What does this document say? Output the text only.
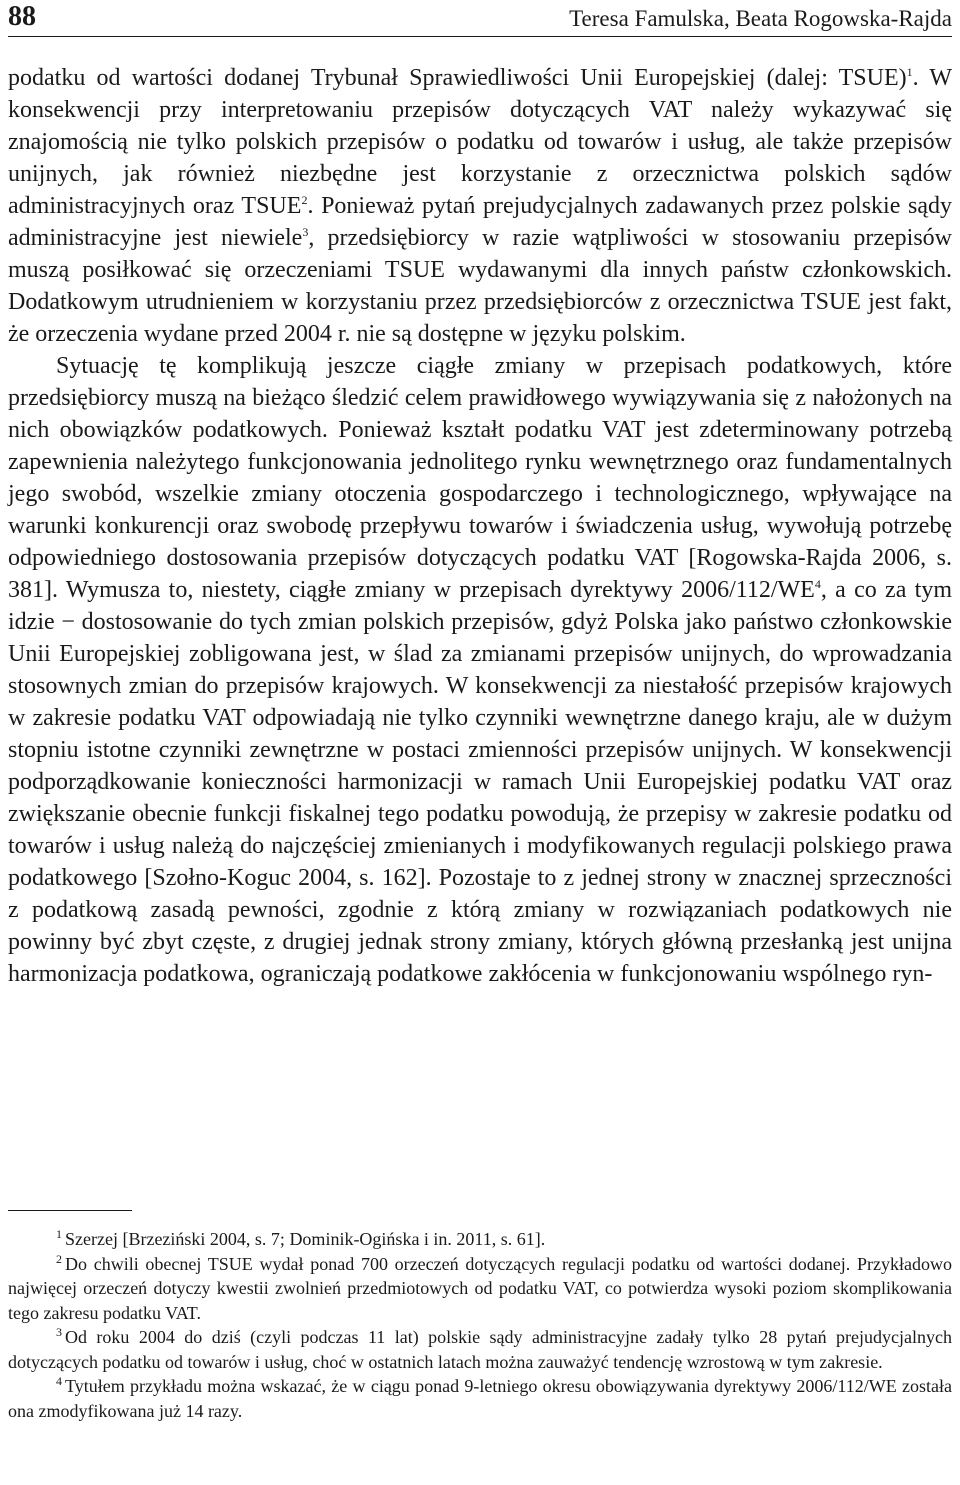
88	Teresa Famulska, Beata Rogowska-Rajda

podatku od wartości dodanej Trybunał Sprawiedliwości Unii Europejskiej (dalej: TSUE)$^1$. W konsekwencji przy interpretowaniu przepisów dotyczących VAT należy wykazywać się znajomością nie tylko polskich przepisów o podatku od towarów i usług, ale także przepisów unijnych, jak również niezbędne jest korzystanie z orzecznictwa polskich sądów administracyjnych oraz TSUE$^2$. Ponieważ pytań prejudycjalnych zadawanych przez polskie sądy administracyjne jest niewiele$^3$, przedsiębiorcy w razie wątpliwości w stosowaniu przepisów muszą posiłkować się orzeczeniami TSUE wydawanymi dla innych państw członkowskich. Dodatkowym utrudnieniem w korzystaniu przez przedsiębiorców z orzecznictwa TSUE jest fakt, że orzeczenia wydane przed 2004 r. nie są dostępne w języku polskim.

Sytuację tę komplikują jeszcze ciągłe zmiany w przepisach podatkowych, które przedsiębiorcy muszą na bieżąco śledzić celem prawidłowego wywiązywania się z nałożonych na nich obowiązków podatkowych. Ponieważ kształt podatku VAT jest zdeterminowany potrzebą zapewnienia należytego funkcjonowania jednolitego rynku wewnętrznego oraz fundamentalnych jego swobód, wszelkie zmiany otoczenia gospodarczego i technologicznego, wpływające na warunki konkurencji oraz swobodę przepływu towarów i świadczenia usług, wywołują potrzebę odpowiedniego dostosowania przepisów dotyczących podatku VAT [Rogowska-Rajda 2006, s. 381]. Wymusza to, niestety, ciągłe zmiany w przepisach dyrektywy $2006/112/WE^4$, a co za tym idzie − dostosowanie do tych zmian polskich przepisów, gdyż Polska jako państwo członkowskie Unii Europejskiej zobligowana jest, w ślad za zmianami przepisów unijnych, do wprowadzania stosownych zmian do przepisów krajowych. W konsekwencji za niestałość przepisów krajowych w zakresie podatku VAT odpowiadają nie tylko czynniki wewnętrzne danego kraju, ale w dużym stopniu istotne czynniki zewnętrzne w postaci zmienności przepisów unijnych. W konsekwencji podporządkowanie konieczności harmonizacji w ramach Unii Europejskiej podatku VAT oraz zwiększanie obecnie funkcji fiskalnej tego podatku powodują, że przepisy w zakresie podatku od towarów i usług należą do najczęściej zmienianych i modyfikowanych regulacji polskiego prawa podatkowego [Szołno-Koguc 2004, s. 162]. Pozostaje to z jednej strony w znacznej sprzeczności z podatkową zasadą pewności, zgodnie z którą zmiany w rozwiązaniach podatkowych nie powinny być zbyt częste, z drugiej jednak strony zmiany, których główną przesłanką jest unijna harmonizacja podatkowa, ograniczają podatkowe zakłócenia w funkcjonowaniu wspólnego ryn-

$^1$ Szerzej [Brzeziński 2004, s. 7; Dominik-Ogińska i in. 2011, s. 61].

$^2$ Do chwili obecnej TSUE wydał ponad 700 orzeczeń dotyczących regulacji podatku od wartości dodanej. Przykładowo najwięcej orzeczeń dotyczy kwestii zwolnień przedmiotowych od podatku VAT, co potwierdza wysoki poziom skomplikowania tego zakresu podatku VAT.

$^3$ Od roku 2004 do dziś (czyli podczas 11 lat) polskie sądy administracyjne zadały tylko 28 pytań prejudycjalnych dotyczących podatku od towarów i usług, choć w ostatnich latach można zauważyć tendencję wzrostową w tym zakresie.

$^4$ Tytułem przykładu można wskazać, że w ciągu ponad 9-letniego okresu obowiązywania dyrektywy 2006/112/WE została ona zmodyfikowana już 14 razy.
